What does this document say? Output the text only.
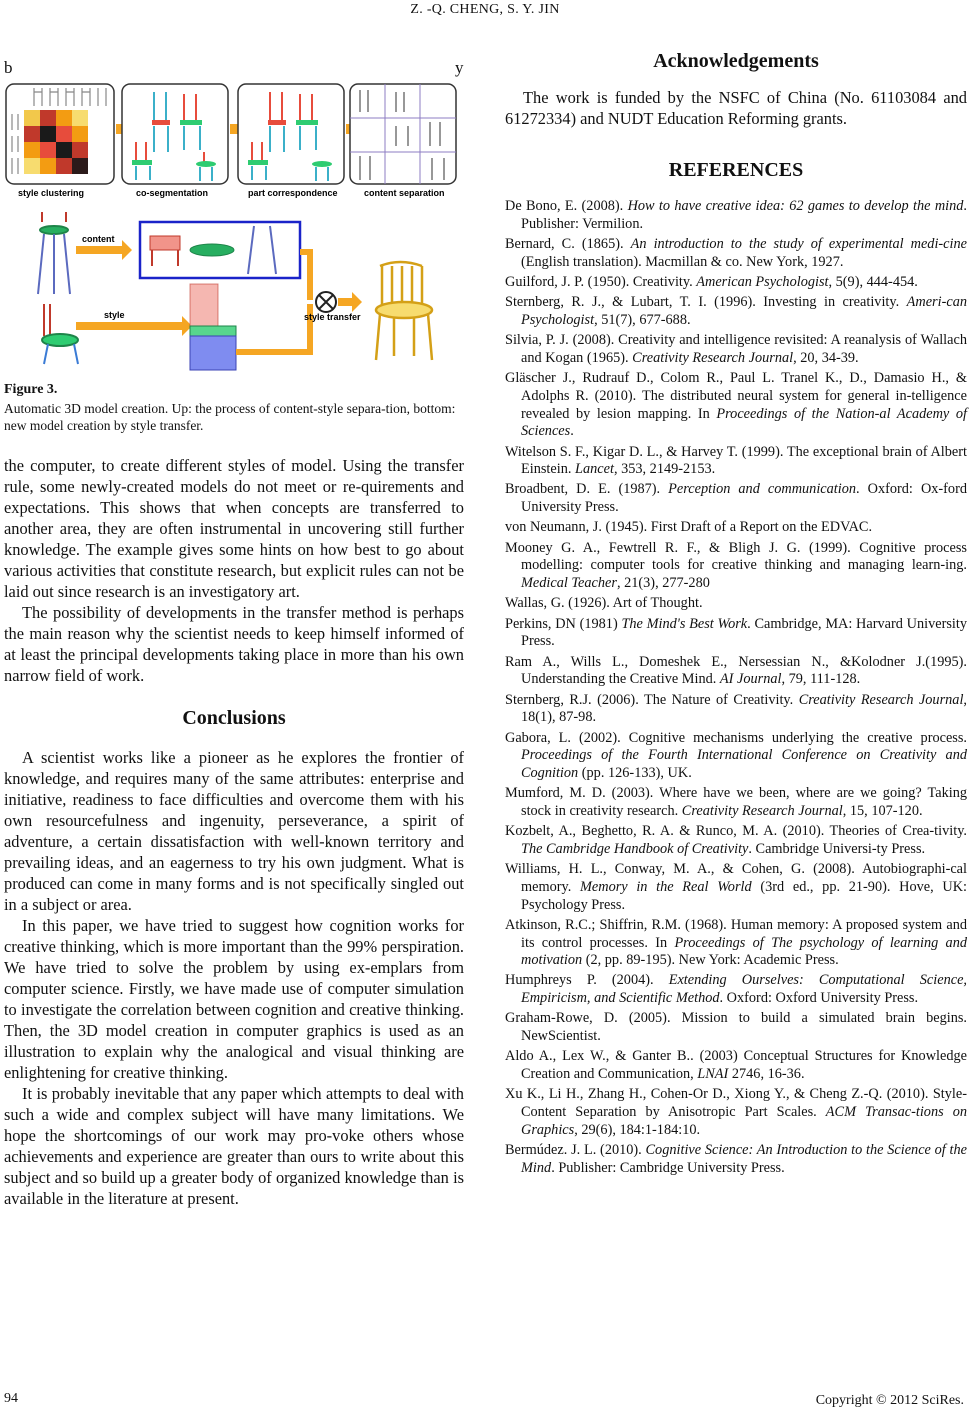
Z. -Q. CHENG, S. Y. JIN
b	y
style clustering	co-segmentation	part correspondence	content separation
content
style	style transfer
Figure 3.
Automatic 3D model creation. Up: the process of content-style separa-tion, bottom: new model creation by style transfer.

the computer, to create different styles of model. Using the transfer rule, some newly-created models do not meet or re-quirements and expectations. This shows that when concepts are transferred to another area, they are often instrumental in uncovering still further knowledge. The example gives some hints on how best to go about various activities that constitute research, but explicit rules can not be laid out since research is an investigatory art.

The possibility of developments in the transfer method is perhaps the main reason why the scientist needs to keep himself informed of at least the principal developments taking place in more than his own narrow field of work.

Conclusions

A scientist works like a pioneer as he explores the frontier of knowledge, and requires many of the same attributes: enterprise and initiative, readiness to face difficulties and overcome them with his own resourcefulness and ingenuity, perseverance, a spirit of adventure, a certain dissatisfaction with well-known territory and prevailing ideas, and an eagerness to try his own judgment. What is produced can come in many forms and is not specifically singled out in a subject or area.

In this paper, we have tried to suggest how cognition works for creative thinking, which is more important than the 99% perspiration. We have tried to solve the problem by using ex-emplars from computer science. Firstly, we have made use of computer simulation to investigate the correlation between cognition and creative thinking. Then, the 3D model creation in computer graphics is used as an illustration to explain why the analogical and visual thinking are enlightening for creative thinking.

It is probably inevitable that any paper which attempts to deal with such a wide and complex subject will have many limitations. We hope the shortcomings of our work may pro-voke others whose achievements and experience are greater than ours to write about this subject and so build up a greater body of organized knowledge than is available in the literature at present.

Acknowledgements

The work is funded by the NSFC of China (No. 61103084 and 61272334) and NUDT Education Reforming grants.

REFERENCES
De Bono, E. (2008). How to have creative idea: 62 games to develop the mind. Publisher: Vermilion.
Bernard, C. (1865). An introduction to the study of experimental medi-cine (English translation). Macmillan & co. New York, 1927.
Guilford, J. P. (1950). Creativity. American Psychologist, 5(9), 444-454.
Sternberg, R. J., & Lubart, T. I. (1996). Investing in creativity. Ameri-can Psychologist, 51(7), 677-688.
Silvia, P. J. (2008). Creativity and intelligence revisited: A reanalysis of Wallach and Kogan (1965). Creativity Research Journal, 20, 34-39.
Gläscher J., Rudrauf D., Colom R., Paul L. Tranel K., D., Damasio H., & Adolphs R. (2010). The distributed neural system for general in-telligence revealed by lesion mapping. In Proceedings of the Nation-al Academy of Sciences.
Witelson S. F., Kigar D. L., & Harvey T. (1999). The exceptional brain of Albert Einstein. Lancet, 353, 2149-2153.
Broadbent, D. E. (1987). Perception and communication. Oxford: Ox-ford University Press.
von Neumann, J. (1945). First Draft of a Report on the EDVAC.
Mooney G. A., Fewtrell R. F., & Bligh J. G. (1999). Cognitive process modelling: computer tools for creative thinking and managing learn-ing. Medical Teacher, 21(3), 277-280
Wallas, G. (1926). Art of Thought.
Perkins, DN (1981) The Mind's Best Work. Cambridge, MA: Harvard University Press.
Ram A., Wills L., Domeshek E., Nersessian N., &Kolodner J.(1995). Understanding the Creative Mind. AI Journal, 79, 111-128.
Sternberg, R.J. (2006). The Nature of Creativity. Creativity Research Journal, 18(1), 87-98.
Gabora, L. (2002). Cognitive mechanisms underlying the creative process. Proceedings of the Fourth International Conference on Creativity and Cognition (pp. 126-133), UK.
Mumford, M. D. (2003). Where have we been, where are we going? Taking stock in creativity research. Creativity Research Journal, 15, 107-120.
Kozbelt, A., Beghetto, R. A. & Runco, M. A. (2010). Theories of Crea-tivity. The Cambridge Handbook of Creativity. Cambridge Universi-ty Press.
Williams, H. L., Conway, M. A., & Cohen, G. (2008). Autobiographi-cal memory. Memory in the Real World (3rd ed., pp. 21-90). Hove, UK: Psychology Press.
Atkinson, R.C.; Shiffrin, R.M. (1968). Human memory: A proposed system and its control processes. In Proceedings of The psychology of learning and motivation (2, pp. 89-195). New York: Academic Press.
Humphreys P. (2004). Extending Ourselves: Computational Science, Empiricism, and Scientific Method. Oxford: Oxford University Press.
Graham-Rowe, D. (2005). Mission to build a simulated brain begins. NewScientist.
Aldo A., Lex W., & Ganter B.. (2003) Conceptual Structures for Knowledge Creation and Communication, LNAI 2746, 16-36.
Xu K., Li H., Zhang H., Cohen-Or D., Xiong Y., & Cheng Z.-Q. (2010). Style-Content Separation by Anisotropic Part Scales. ACM Transac-tions on Graphics, 29(6), 184:1-184:10.
Bermúdez. J. L. (2010). Cognitive Science: An Introduction to the Science of the Mind. Publisher: Cambridge University Press.
94	Copyright © 2012 SciRes.
